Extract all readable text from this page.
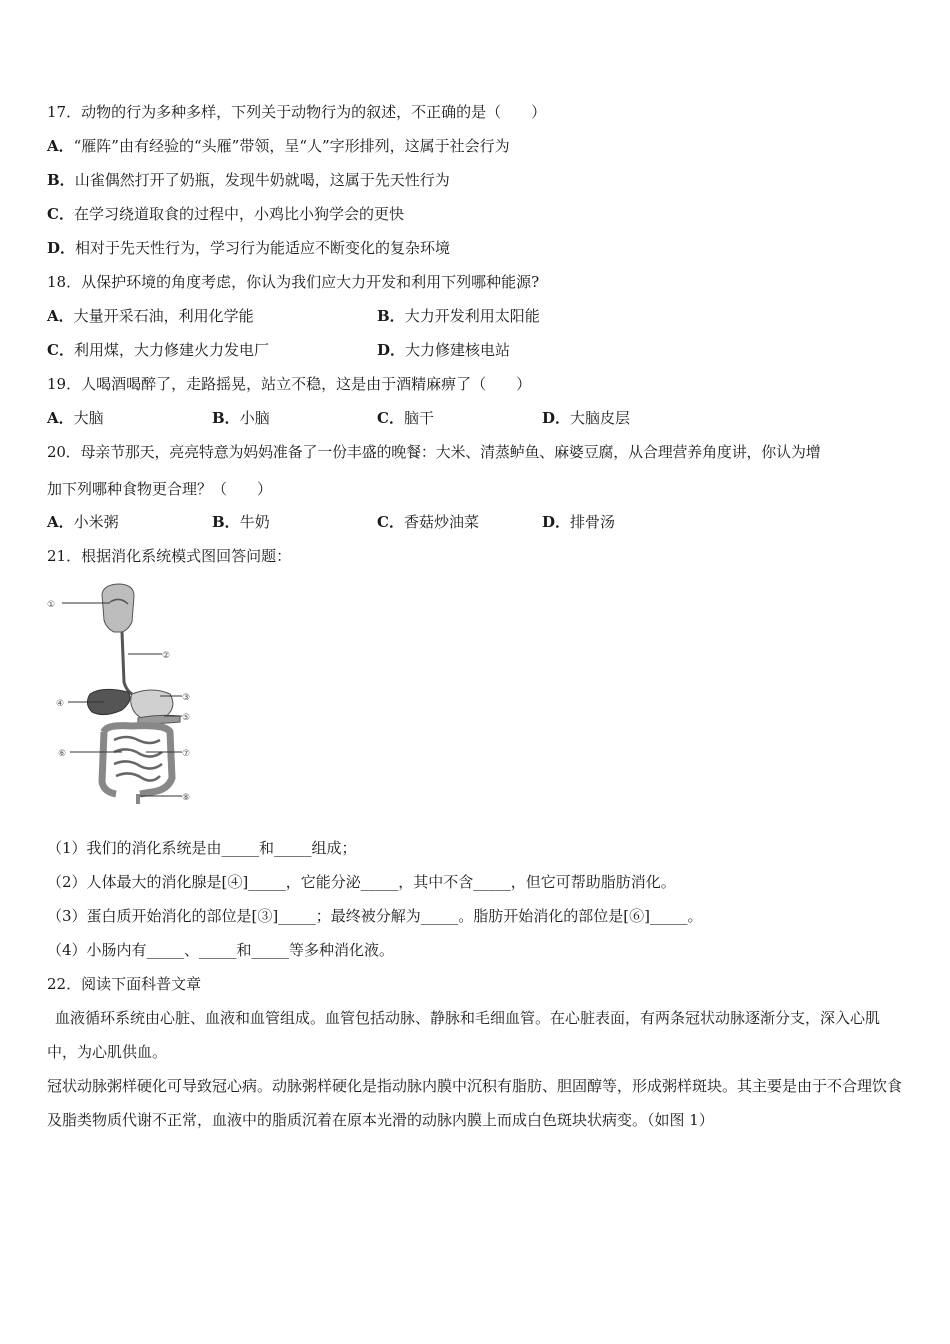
17．动物的行为多种多样，下列关于动物行为的叙述，不正确的是（　　）
A．“雁阵”由有经验的“头雁”带领，呈“人”字形排列，这属于社会行为
B．山雀偶然打开了奶瓶，发现牛奶就喝，这属于先天性行为
C．在学习绕道取食的过程中，小鸡比小狗学会的更快
D．相对于先天性行为，学习行为能适应不断变化的复杂环境
18．从保护环境的角度考虑，你认为我们应大力开发和利用下列哪种能源?
A．大量开采石油，利用化学能	B．大力开发利用太阳能
C．利用煤，大力修建火力发电厂	D．大力修建核电站
19．人喝酒喝醉了，走路摇晃，站立不稳，这是由于酒精麻痹了（　　）
A．大脑	B．小脑	C．脑干	D．大脑皮层
20．母亲节那天，亮亮特意为妈妈准备了一份丰盛的晚餐：大米、清蒸鲈鱼、麻婆豆腐，从合理营养角度讲，你认为增
加下列哪种食物更合理？（　　）
A．小米粥	B．牛奶	C．香菇炒油菜	D．排骨汤
21．根据消化系统模式图回答问题：
①
②
③
④
⑤
⑥	⑦
⑧
（1）我们的消化系统是由_____和_____组成；
（2）人体最大的消化腺是[④]_____，它能分泌_____，其中不含_____，但它可帮助脂肪消化。
（3）蛋白质开始消化的部位是[③]_____；最终被分解为_____。脂肪开始消化的部位是[⑥]_____。
（4）小肠内有_____、_____和_____等多种消化液。
22．阅读下面科普文章
血液循环系统由心脏、血液和血管组成。血管包括动脉、静脉和毛细血管。在心脏表面，有两条冠状动脉逐渐分支，深入心肌中，为心肌供血。
冠状动脉粥样硬化可导致冠心病。动脉粥样硬化是指动脉内膜中沉积有脂肪、胆固醇等，形成粥样斑块。其主要是由于不合理饮食及脂类物质代谢不正常，血液中的脂质沉着在原本光滑的动脉内膜上而成白色斑块状病变。（如图 1）
